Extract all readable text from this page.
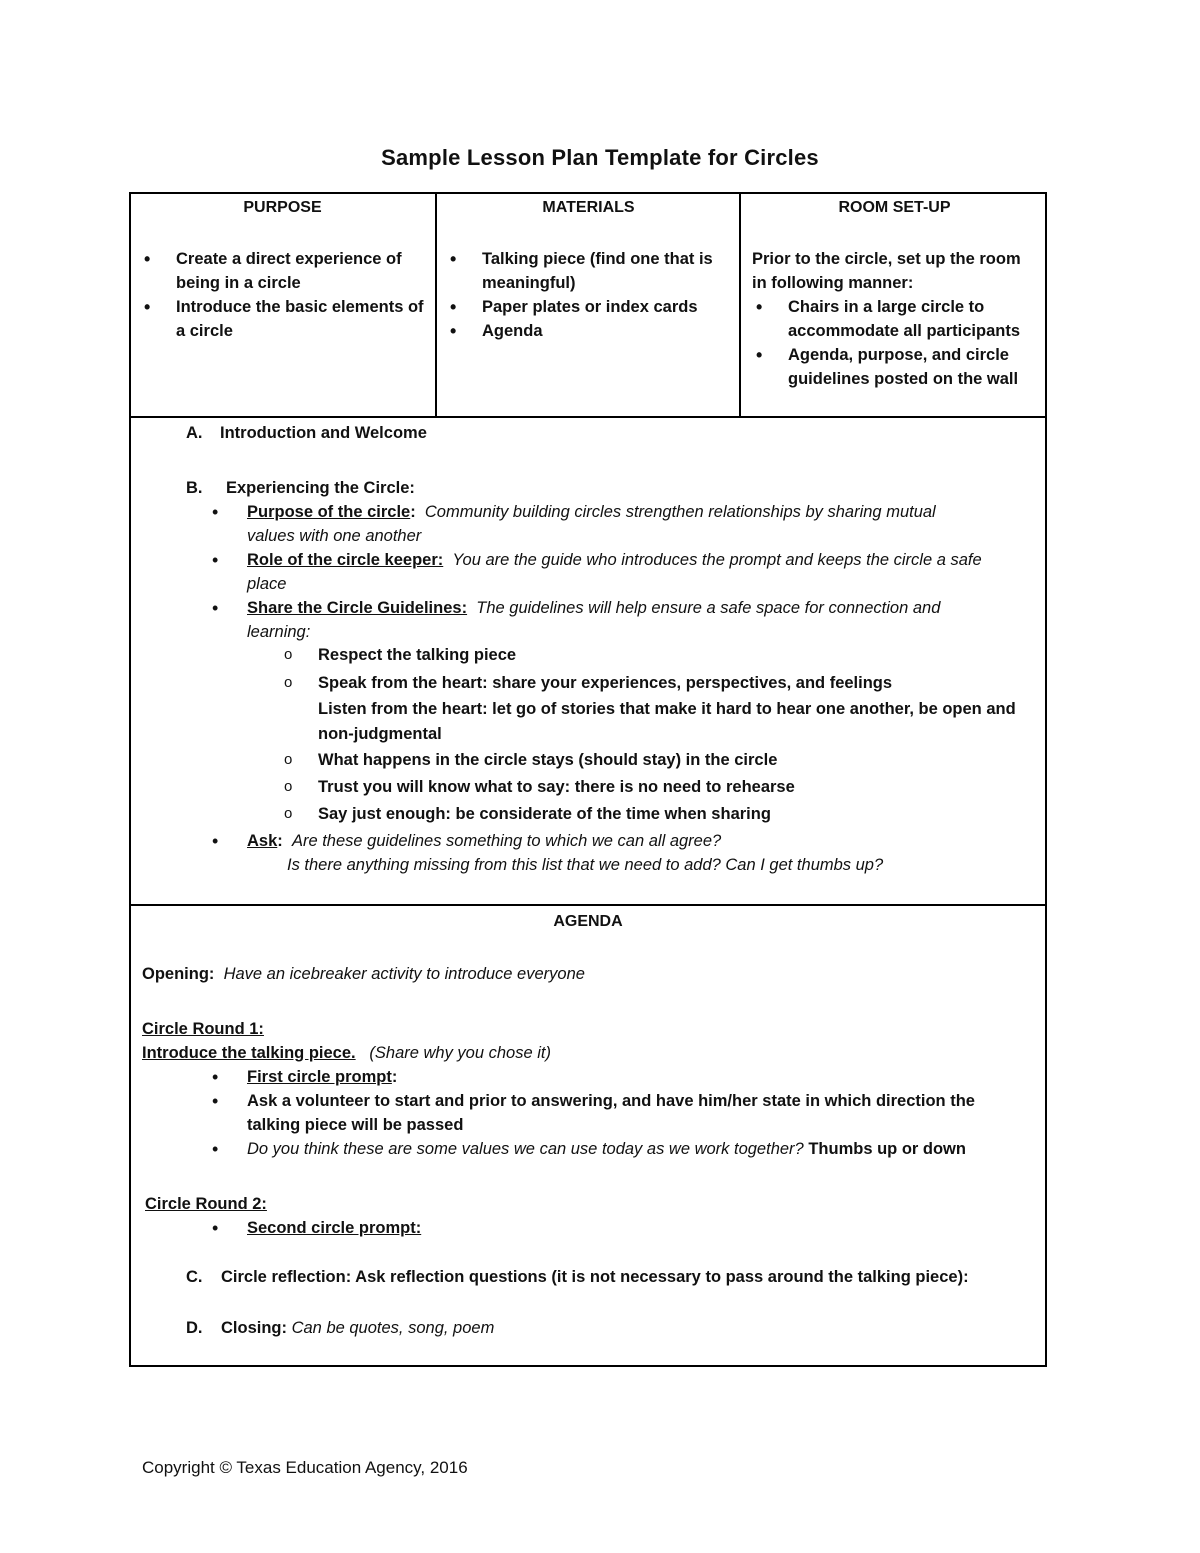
Sample Lesson Plan Template for Circles
PURPOSE
• Create a direct experience of being in a circle
• Introduce the basic elements of a circle
MATERIALS
• Talking piece (find one that is meaningful)
• Paper plates or index cards
• Agenda
ROOM SET-UP
Prior to the circle, set up the room in following manner:
• Chairs in a large circle to accommodate all participants
• Agenda, purpose, and circle guidelines posted on the wall
A. Introduction and Welcome
B. Experiencing the Circle:
• Purpose of the circle: Community building circles strengthen relationships by sharing mutual
values with one another
• Role of the circle keeper: You are the guide who introduces the prompt and keeps the circle a safe
place
• Share the Circle Guidelines: The guidelines will help ensure a safe space for connection and
learning:
o Respect the talking piece
o Speak from the heart: share your experiences, perspectives, and feelings
Listen from the heart: let go of stories that make it hard to hear one another, be open and
non-judgmental
o What happens in the circle stays (should stay) in the circle
o Trust you will know what to say: there is no need to rehearse
o Say just enough: be considerate of the time when sharing
• Ask: Are these guidelines something to which we can all agree?
Is there anything missing from this list that we need to add? Can I get thumbs up?
AGENDA
Opening: Have an icebreaker activity to introduce everyone
Circle Round 1:
Introduce the talking piece. (Share why you chose it)
• First circle prompt:
• Ask a volunteer to start and prior to answering, and have him/her state in which direction the
talking piece will be passed
• Do you think these are some values we can use today as we work together? Thumbs up or down
Circle Round 2:
• Second circle prompt:
C. Circle reflection: Ask reflection questions (it is not necessary to pass around the talking piece):
D. Closing: Can be quotes, song, poem
Copyright © Texas Education Agency, 2016
